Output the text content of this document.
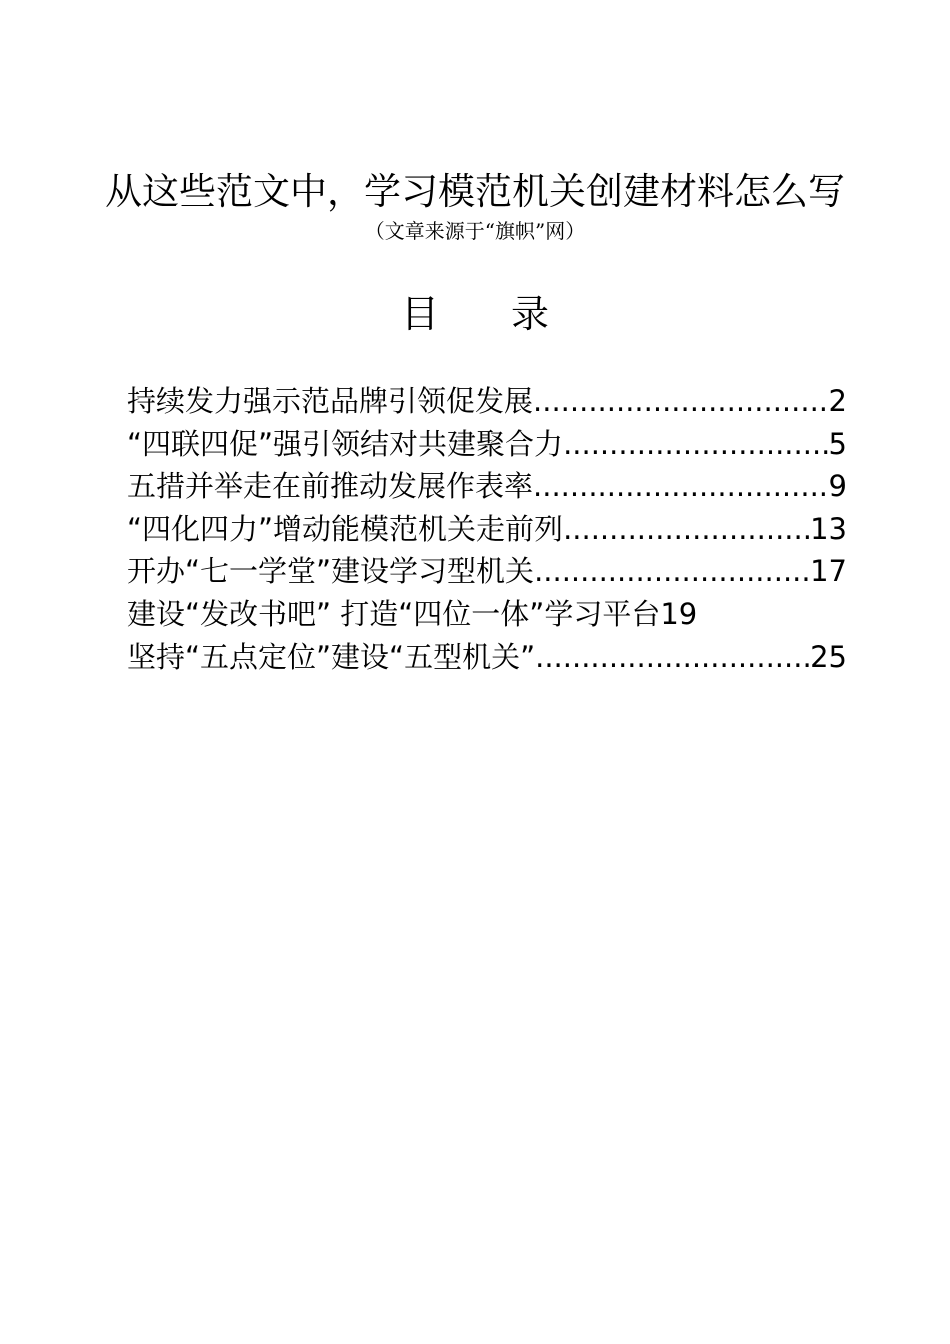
从这些范文中，学习模范机关创建材料怎么写
（文章来源于“旗帜”网）
目 录
持续发力强示范品牌引领促发展 .....	2
“四联四促”强引领结对共建聚合力 .....	5
五措并举走在前推动发展作表率 .....	9
“四化四力”增动能模范机关走前列 .....	13
开办“七一学堂”建设学习型机关 .....	17
建设“发改书吧” 打造“四位一体”学习平台 19
坚持“五点定位”建设“五型机关” .....	25
